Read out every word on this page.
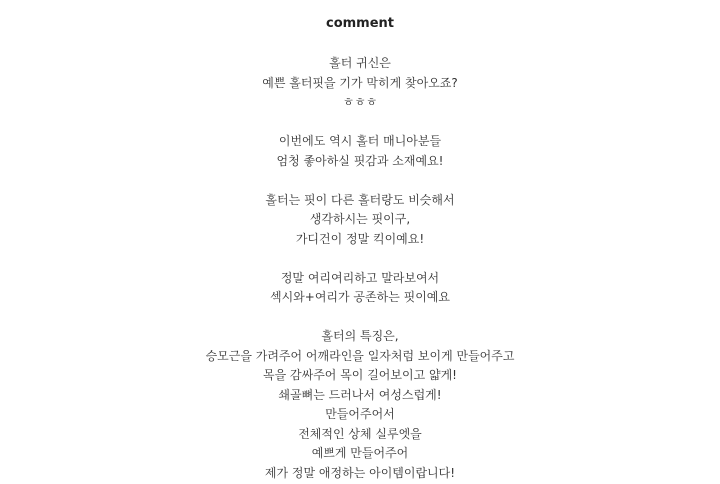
comment
홀터 귀신은
예쁜 홀터핏을 기가 막히게 찾아오죠?
ㅎㅎㅎ
이번에도 역시 홀터 매니아분들
엄청 좋아하실 핏감과 소재예요!
홀터는 핏이 다른 홀터랑도 비슷해서
생각하시는 핏이구,
가디건이 정말 킥이예요!
정말 여리여리하고 말라보여서
섹시와+여리가 공존하는 핏이예요
홀터의 특징은,
승모근을 가려주어 어깨라인을 일자처럼 보이게 만들어주고
목을 감싸주어 목이 길어보이고 얇게!
쇄골뼈는 드러나서 여성스럽게!
만들어주어서
전체적인 상체 실루엣을
예쁘게 만들어주어
제가 정말 애정하는 아이템이랍니다!
